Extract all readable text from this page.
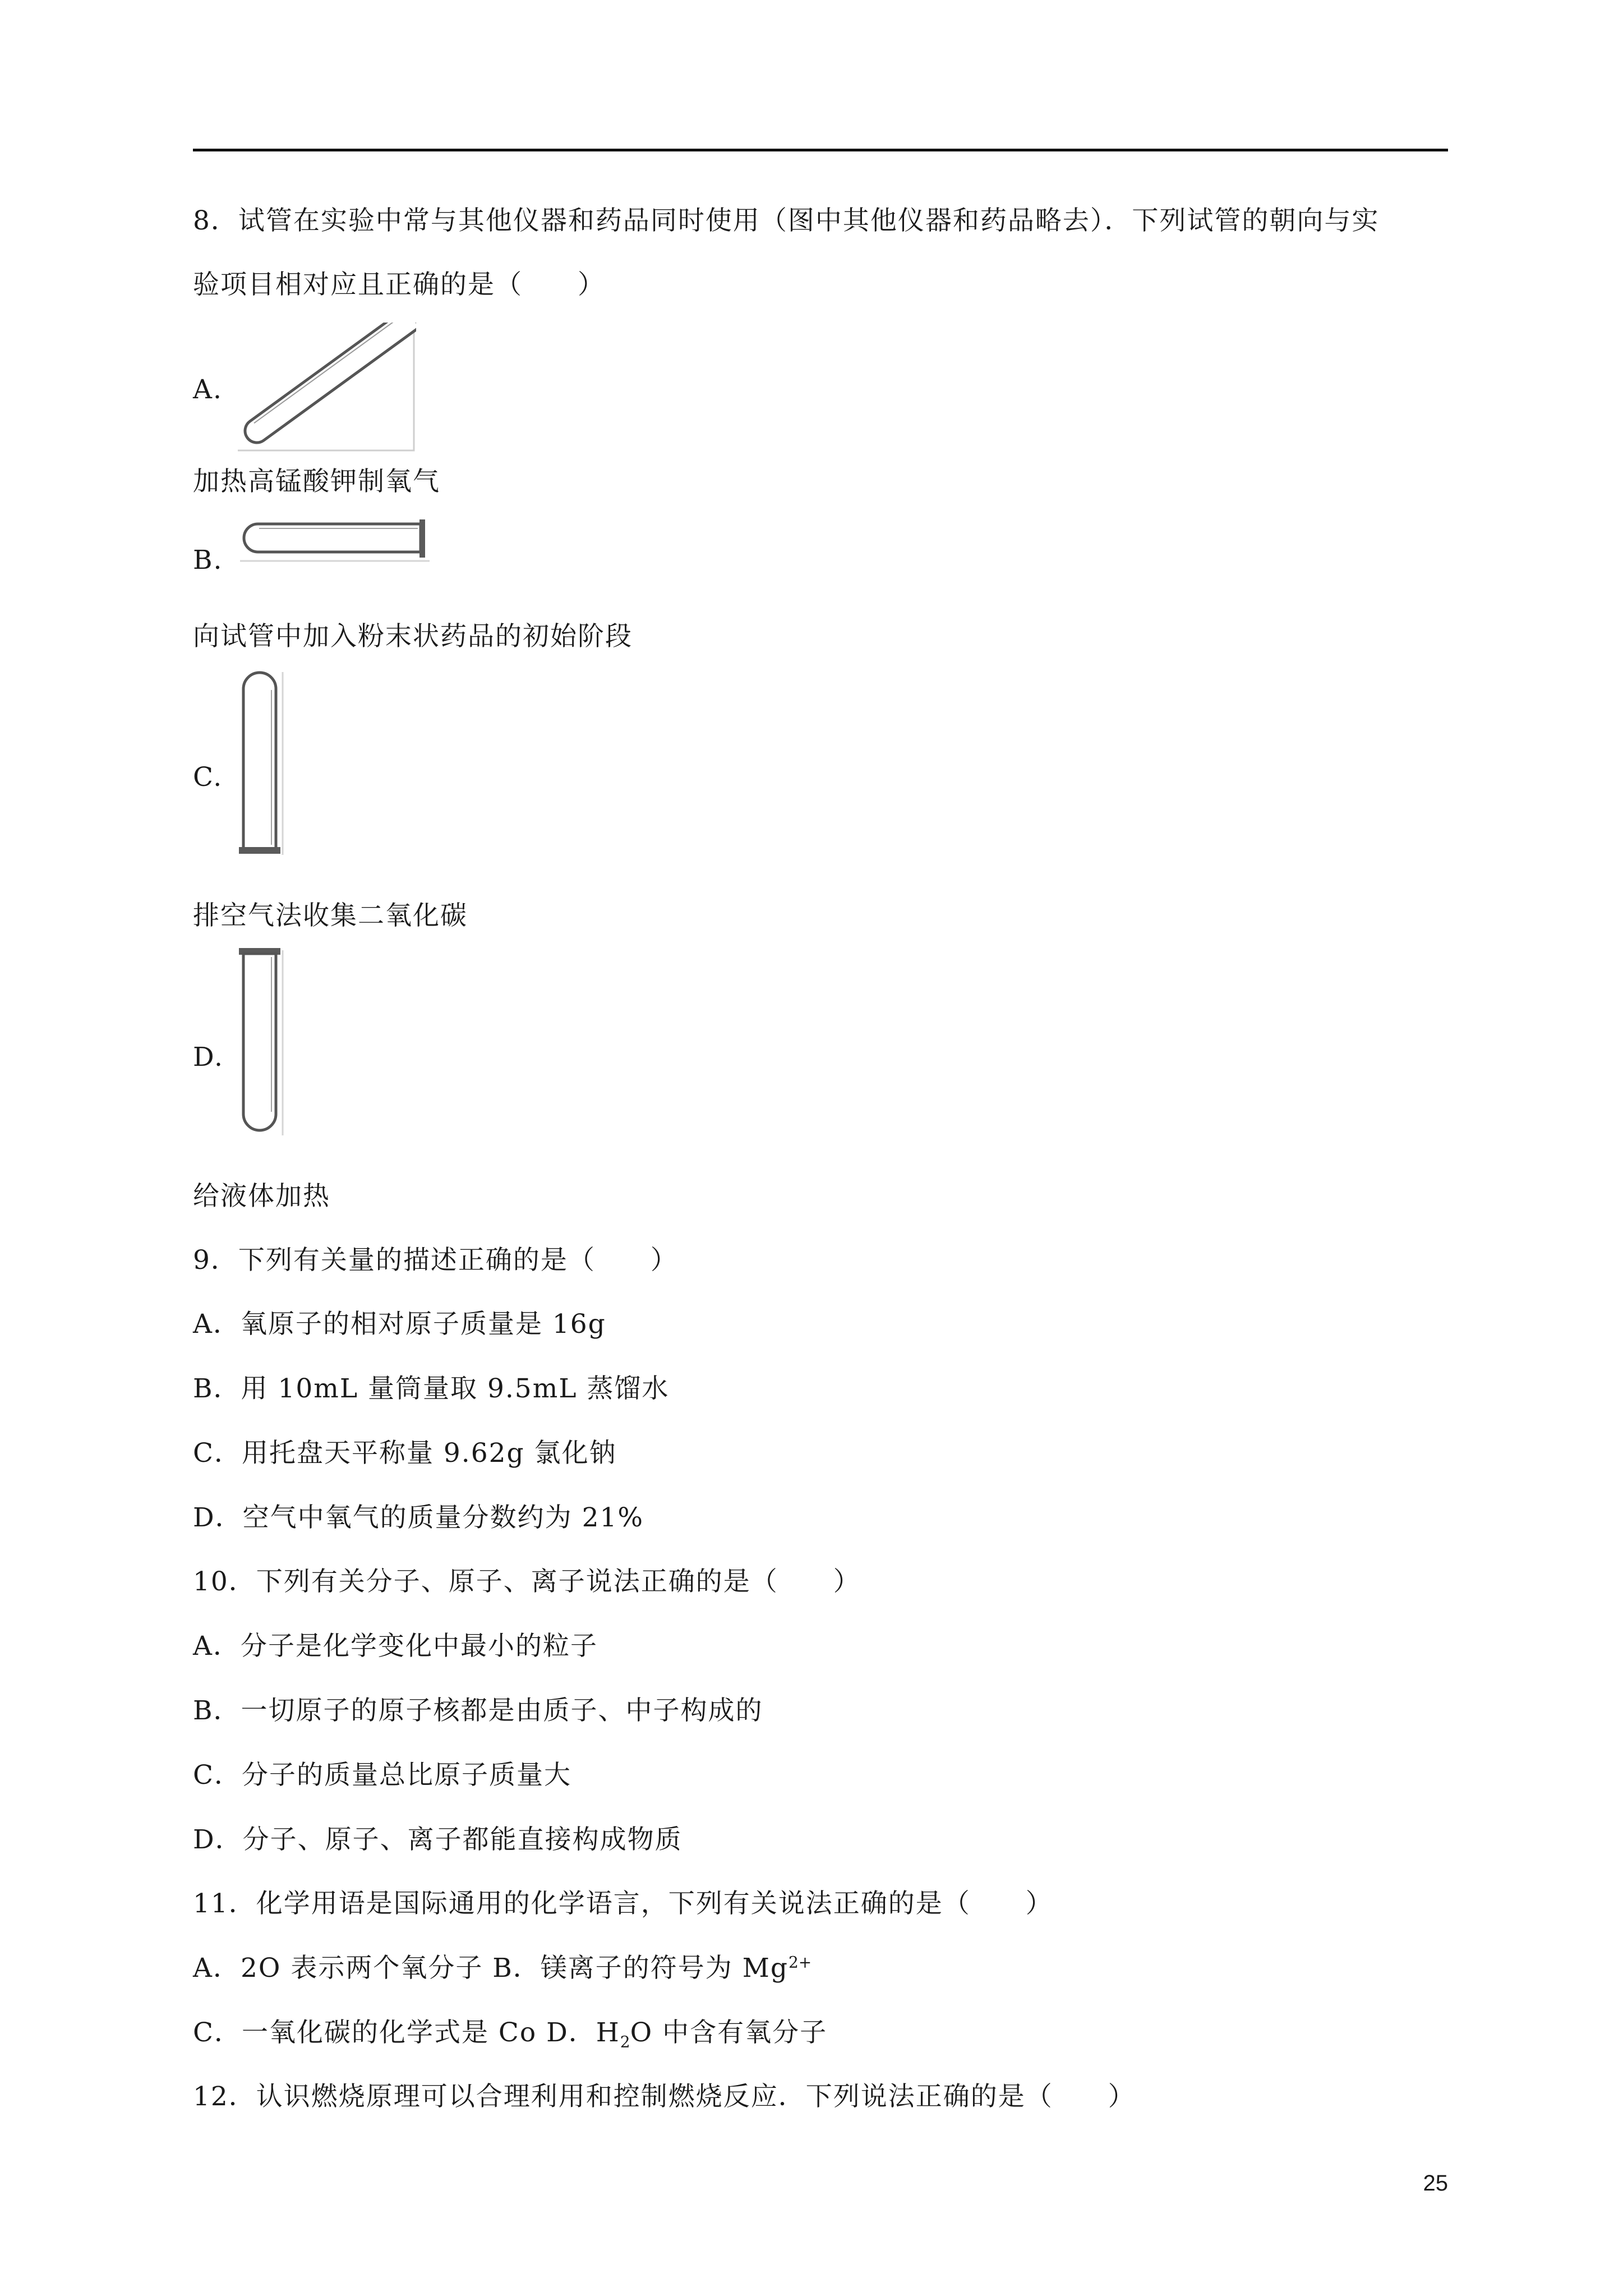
8．试管在实验中常与其他仪器和药品同时使用（图中其他仪器和药品略去）．下列试管的朝向与实
验项目相对应且正确的是（　　）
A.
加热高锰酸钾制氧气
B.
向试管中加入粉末状药品的初始阶段
C.
排空气法收集二氧化碳
D.
给液体加热
9．下列有关量的描述正确的是（　　）
A．氧原子的相对原子质量是 16g
B．用 10mL 量筒量取 9.5mL 蒸馏水
C．用托盘天平称量 9.62g 氯化钠
D．空气中氧气的质量分数约为 21%
10．下列有关分子、原子、离子说法正确的是（　　）
A．分子是化学变化中最小的粒子
B．一切原子的原子核都是由质子、中子构成的
C．分子的质量总比原子质量大
D．分子、原子、离子都能直接构成物质
11．化学用语是国际通用的化学语言，下列有关说法正确的是（　　）
A．2O 表示两个氧分子 B．镁离子的符号为 $Mg^{2+}$
C．一氧化碳的化学式是 Co D．$H_2O$ 中含有氧分子
12．认识燃烧原理可以合理利用和控制燃烧反应．下列说法正确的是（　　）
25
